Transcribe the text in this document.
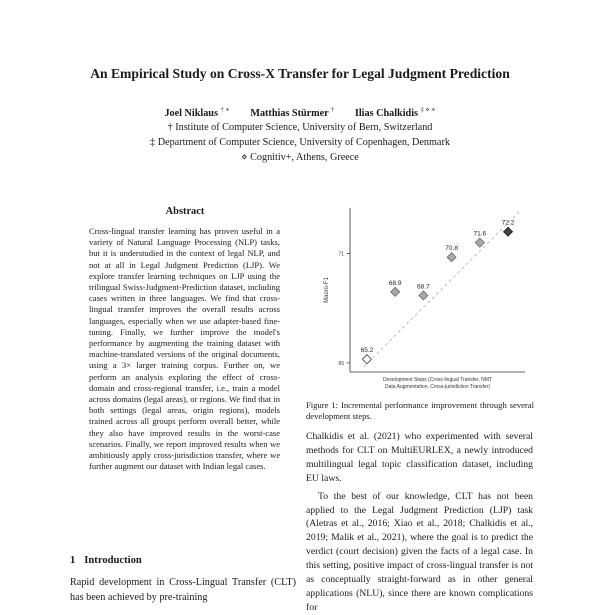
An Empirical Study on Cross-X Transfer for Legal Judgment Prediction
Joel Niklaus † ∗ Matthias Stürmer † Ilias Chalkidis ‡ ⋄ ∗
† Institute of Computer Science, University of Bern, Switzerland
‡ Department of Computer Science, University of Copenhagen, Denmark
⋄ Cognitiv+, Athens, Greece
Abstract
Cross-lingual transfer learning has proven useful in a variety of Natural Language Processing (NLP) tasks, but it is understudied in the context of legal NLP, and not at all in Legal Judgment Prediction (LJP). We explore transfer learning techniques on LJP using the trilingual Swiss-Judgment-Prediction dataset, including cases written in three languages. We find that cross-lingual transfer improves the overall results across languages, especially when we use adapter-based fine-tuning. Finally, we further improve the model's performance by augmenting the training dataset with machine-translated versions of the original documents, using a 3× larger training corpus. Further on, we perform an analysis exploring the effect of cross-domain and cross-regional transfer, i.e., train a model across domains (legal areas), or regions. We find that in both settings (legal areas, origin regions), models trained across all groups perform overall better, while they also have improved results in the worst-case scenarios. Finally, we report improved results when we ambitiously apply cross-jurisdiction transfer, where we further augment our dataset with Indian legal cases.
1 Introduction
Rapid development in Cross-Lingual Transfer (CLT) has been achieved by pre-training
65
71
Macro-F1
Development Steps (Cross-lingual Transfer, NMT
Data Augmentation, Cross-jurisdiction Transfer)
65.2
68.9
68.7
70.8
71.6
72.2
Figure 1: Incremental performance improvement through several development steps.

Chalkidis et al. (2021) who experimented with several methods for CLT on MultiEURLEX, a newly introduced multilingual legal topic classification dataset, including EU laws.

To the best of our knowledge, CLT has not been applied to the Legal Judgment Prediction (LJP) task (Aletras et al., 2016; Xiao et al., 2018; Chalkidis et al., 2019; Malik et al., 2021), where the goal is to predict the verdict (court decision) given the facts of a legal case. In this setting, positive impact of cross-lingual transfer is not as conceptually straight-forward as in other general applications (NLU), since there are known complications for
